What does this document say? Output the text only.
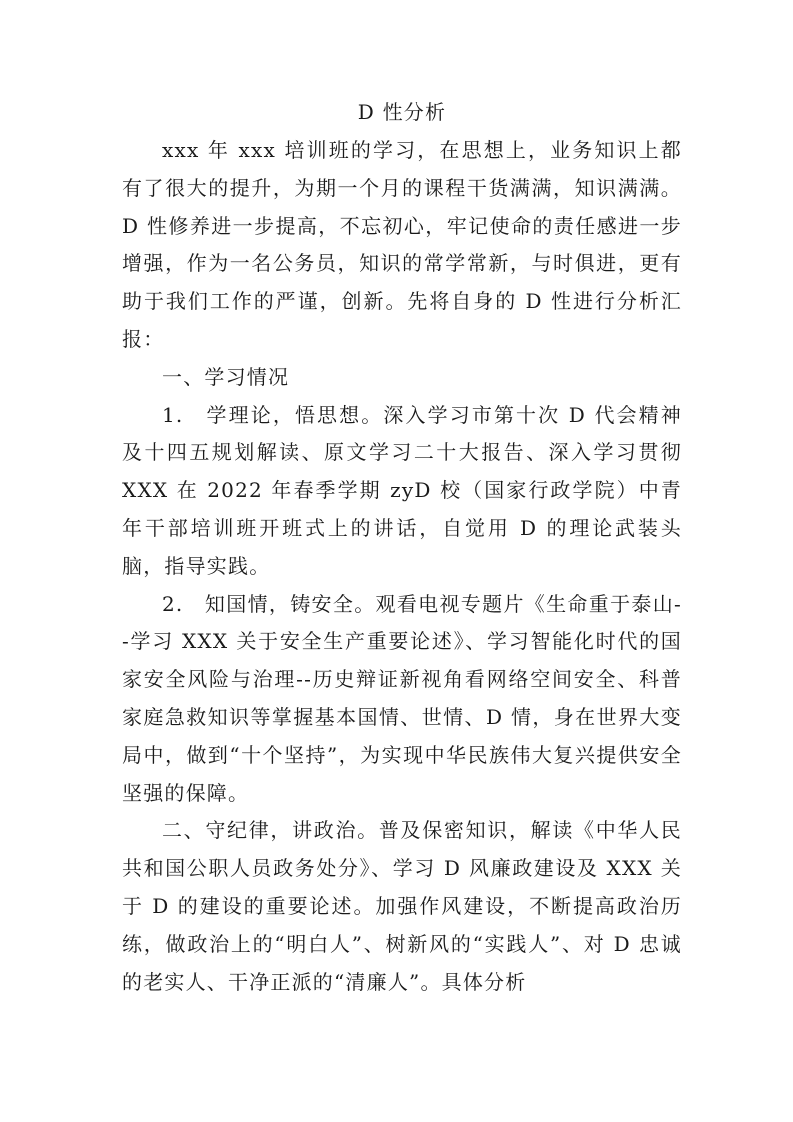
D 性分析

xxx 年 xxx 培训班的学习，在思想上，业务知识上都有了很大的提升，为期一个月的课程干货满满，知识满满。D 性修养进一步提高，不忘初心，牢记使命的责任感进一步增强，作为一名公务员，知识的常学常新，与时俱进，更有助于我们工作的严谨，创新。先将自身的 D 性进行分析汇报：

一、学习情况

1.　学理论，悟思想。深入学习市第十次 D 代会精神及十四五规划解读、原文学习二十大报告、深入学习贯彻 XXX 在 2022 年春季学期 zyD 校（国家行政学院）中青年干部培训班开班式上的讲话，自觉用 D 的理论武装头脑，指导实践。

2.　知国情，铸安全。观看电视专题片《生命重于泰山--学习 XXX 关于安全生产重要论述》、学习智能化时代的国家安全风险与治理--历史辩证新视角看网络空间安全、科普家庭急救知识等掌握基本国情、世情、D 情，身在世界大变局中，做到“十个坚持”，为实现中华民族伟大复兴提供安全坚强的保障。

二、守纪律，讲政治。普及保密知识，解读《中华人民共和国公职人员政务处分》、学习 D 风廉政建设及 XXX 关于 D 的建设的重要论述。加强作风建设，不断提高政治历练，做政治上的“明白人”、树新风的“实践人”、对 D 忠诚的老实人、干净正派的“清廉人”。具体分析
